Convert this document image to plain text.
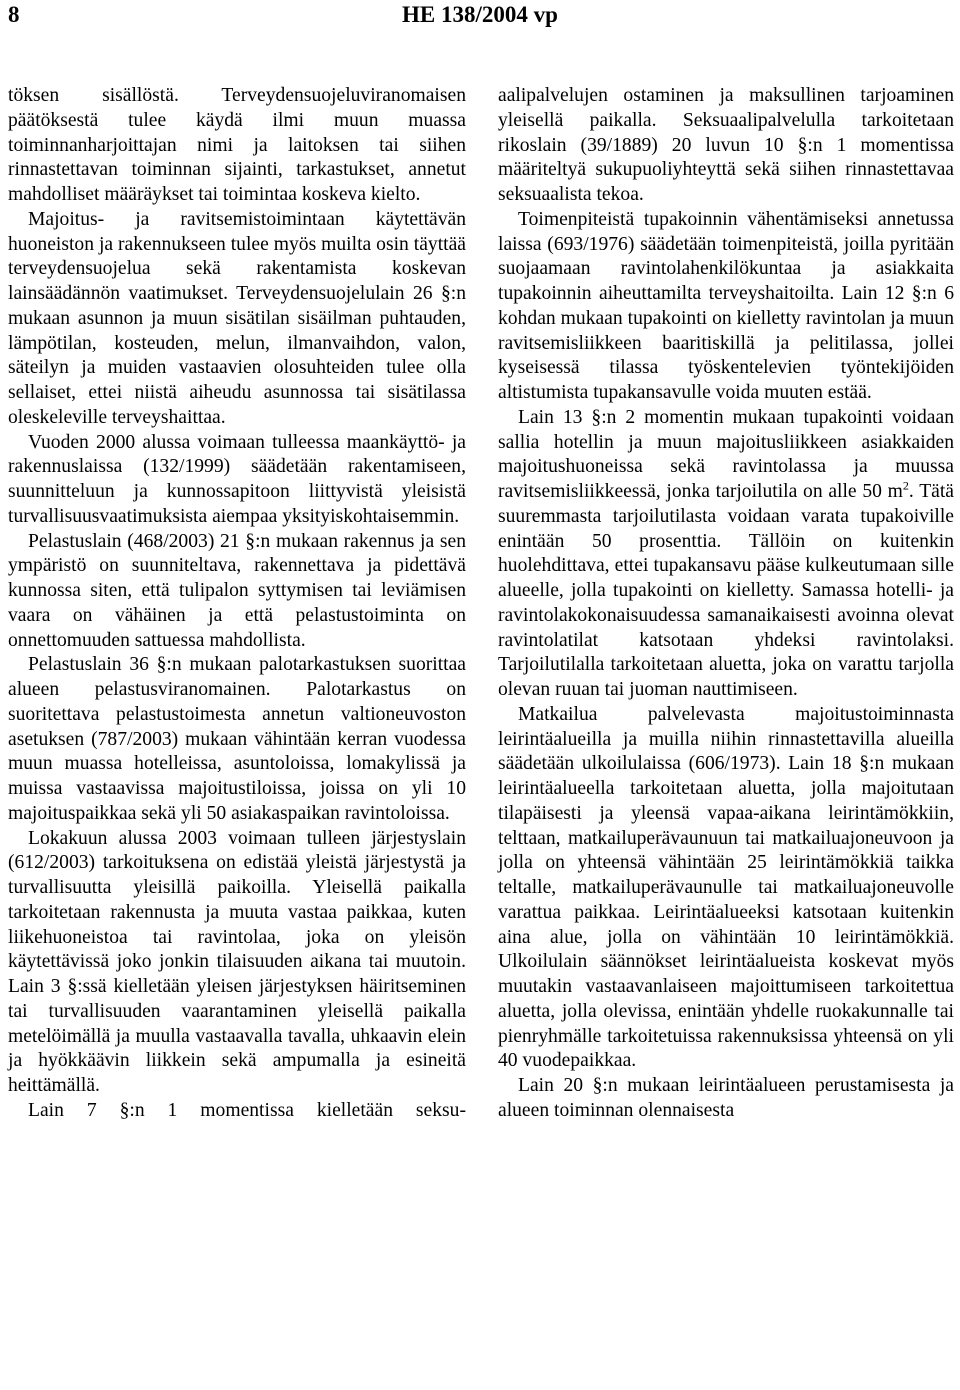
8	HE 138/2004 vp

töksen sisällöstä. Terveydensuojeluviranomaisen päätöksestä tulee käydä ilmi muun muassa toiminnanharjoittajan nimi ja laitoksen tai siihen rinnastettavan toiminnan sijainti, tarkastukset, annetut mahdolliset määräykset tai toimintaa koskeva kielto.

Majoitus- ja ravitsemistoimintaan käytettävän huoneiston ja rakennukseen tulee myös muilta osin täyttää terveydensuojelua sekä rakentamista koskevan lainsäädännön vaatimukset. Terveydensuojelulain 26 §:n mukaan asunnon ja muun sisätilan sisäilman puhtauden, lämpötilan, kosteuden, melun, ilmanvaihdon, valon, säteilyn ja muiden vastaavien olosuhteiden tulee olla sellaiset, ettei niistä aiheudu asunnossa tai sisätilassa oleskeleville terveyshaittaa.

Vuoden 2000 alussa voimaan tulleessa maankäyttö- ja rakennuslaissa (132/1999) säädetään rakentamiseen, suunnitteluun ja kunnossapitoon liittyvistä yleisistä turvallisuusvaatimuksista aiempaa yksityiskohtaisemmin.

Pelastuslain (468/2003) 21 §:n mukaan rakennus ja sen ympäristö on suunniteltava, rakennettava ja pidettävä kunnossa siten, että tulipalon syttymisen tai leviämisen vaara on vähäinen ja että pelastustoiminta on onnettomuuden sattuessa mahdollista.

Pelastuslain 36 §:n mukaan palotarkastuksen suorittaa alueen pelastusviranomainen. Palotarkastus on suoritettava pelastustoimesta annetun valtioneuvoston asetuksen (787/2003) mukaan vähintään kerran vuodessa muun muassa hotelleissa, asuntoloissa, lomakylissä ja muissa vastaavissa majoitustiloissa, joissa on yli 10 majoituspaikkaa sekä yli 50 asiakaspaikan ravintoloissa.

Lokakuun alussa 2003 voimaan tulleen järjestyslain (612/2003) tarkoituksena on edistää yleistä järjestystä ja turvallisuutta yleisillä paikoilla. Yleisellä paikalla tarkoitetaan rakennusta ja muuta vastaa paikkaa, kuten liikehuoneistoa tai ravintolaa, joka on yleisön käytettävissä joko jonkin tilaisuuden aikana tai muutoin. Lain 3 §:ssä kielletään yleisen järjestyksen häiritseminen tai turvallisuuden vaarantaminen yleisellä paikalla metelöimällä ja muulla vastaavalla tavalla, uhkaavin elein ja hyökkäävin liikkein sekä ampumalla ja esineitä heittämällä.

Lain 7 §:n 1 momentissa kielletään seksu-

aalipalvelujen ostaminen ja maksullinen tarjoaminen yleisellä paikalla. Seksuaalipalvelulla tarkoitetaan rikoslain (39/1889) 20 luvun 10 §:n 1 momentissa määriteltyä sukupuoliyhteyttä sekä siihen rinnastettavaa seksuaalista tekoa.

Toimenpiteistä tupakoinnin vähentämiseksi annetussa laissa (693/1976) säädetään toimenpiteistä, joilla pyritään suojaamaan ravintolahenkilökuntaa ja asiakkaita tupakoinnin aiheuttamilta terveyshaitoilta. Lain 12 §:n 6 kohdan mukaan tupakointi on kielletty ravintolan ja muun ravitsemisliikkeen baaritiskillä ja pelitilassa, jollei kyseisessä tilassa työskentelevien työntekijöiden altistumista tupakansavulle voida muuten estää.

Lain 13 §:n 2 momentin mukaan tupakointi voidaan sallia hotellin ja muun majoitusliikkeen asiakkaiden majoitushuoneissa sekä ravintolassa ja muussa ravitsemisliikkeessä, jonka tarjoilutila on alle 50 $m^2$. Tätä suuremmasta tarjoilutilasta voidaan varata tupakoiville enintään 50 prosenttia. Tällöin on kuitenkin huolehdittava, ettei tupakansavu pääse kulkeutumaan sille alueelle, jolla tupakointi on kielletty. Samassa hotelli- ja ravintolakokonaisuudessa samanaikaisesti avoinna olevat ravintolatilat katsotaan yhdeksi ravintolaksi. Tarjoilutilalla tarkoitetaan aluetta, joka on varattu tarjolla olevan ruuan tai juoman nauttimiseen.

Matkailua palvelevasta majoitustoiminnasta leirintäalueilla ja muilla niihin rinnastettavilla alueilla säädetään ulkoilulaissa (606/1973). Lain 18 §:n mukaan leirintäalueella tarkoitetaan aluetta, jolla majoitutaan tilapäisesti ja yleensä vapaa-aikana leirintämökkiin, telttaan, matkailuperävaunuun tai matkailuajoneuvoon ja jolla on yhteensä vähintään 25 leirintämökkiä taikka teltalle, matkailuperävaunulle tai matkailuajoneuvolle varattua paikkaa. Leirintäalueeksi katsotaan kuitenkin aina alue, jolla on vähintään 10 leirintämökkiä. Ulkoilulain säännökset leirintäalueista koskevat myös muutakin vastaavanlaiseen majoittumiseen tarkoitettua aluetta, jolla olevissa, enintään yhdelle ruokakunnalle tai pienryhmälle tarkoitetuissa rakennuksissa yhteensä on yli 40 vuodepaikkaa.

Lain 20 §:n mukaan leirintäalueen perustamisesta ja alueen toiminnan olennaisesta
